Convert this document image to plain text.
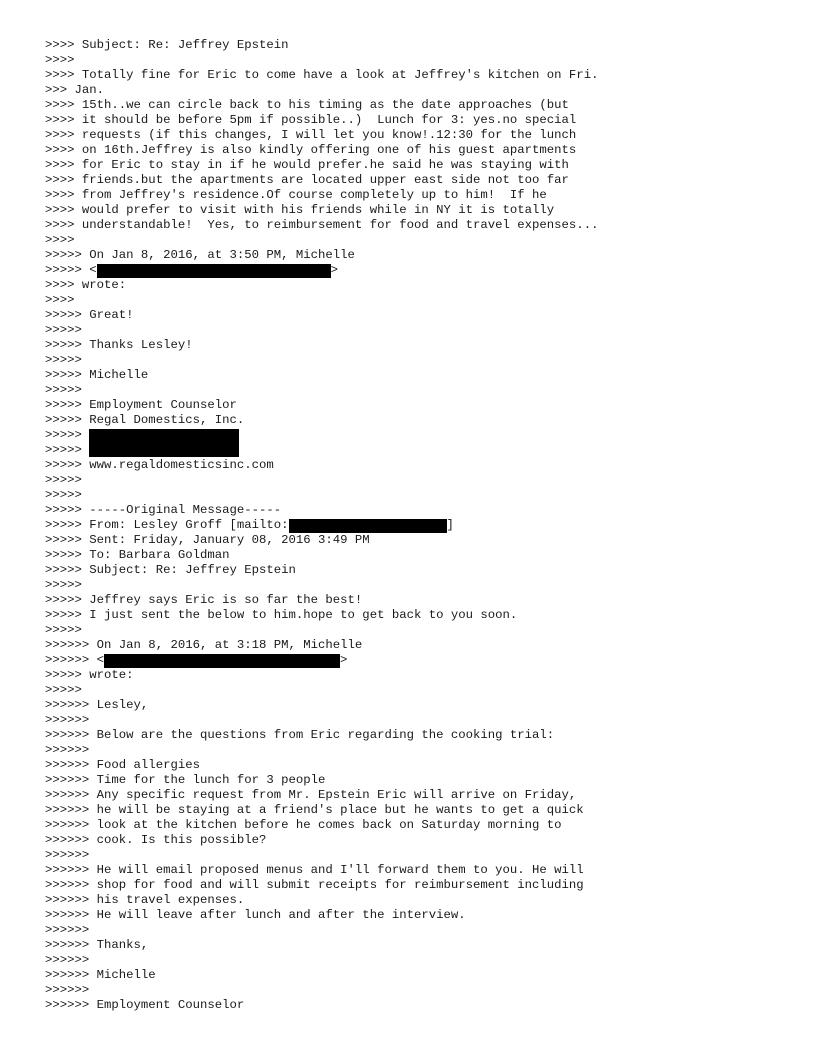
>>>> Subject: Re: Jeffrey Epstein
>>>>
>>>> Totally fine for Eric to come have a look at Jeffrey's kitchen on Fri.
>>> Jan.
>>>> 15th..we can circle back to his timing as the date approaches (but
>>>> it should be before 5pm if possible..)  Lunch for 3: yes.no special
>>>> requests (if this changes, I will let you know!.12:30 for the lunch
>>>> on 16th.Jeffrey is also kindly offering one of his guest apartments
>>>> for Eric to stay in if he would prefer.he said he was staying with
>>>> friends.but the apartments are located upper east side not too far
>>>> from Jeffrey's residence.Of course completely up to him!  If he
>>>> would prefer to visit with his friends while in NY it is totally
>>>> understandable!  Yes, to reimbursement for food and travel expenses...
>>>>
>>>>> On Jan 8, 2016, at 3:50 PM, Michelle
>>>>> <	>
>>>> wrote:
>>>>
>>>>> Great!
>>>>>
>>>>> Thanks Lesley!
>>>>>
>>>>> Michelle
>>>>>
>>>>> Employment Counselor
>>>>> Regal Domestics, Inc.
>>>>>
>>>>>
>>>>> www.regaldomesticsinc.com
>>>>>
>>>>>
>>>>> -----Original Message-----
>>>>> From: Lesley Groff [mailto:	]
>>>>> Sent: Friday, January 08, 2016 3:49 PM
>>>>> To: Barbara Goldman
>>>>> Subject: Re: Jeffrey Epstein
>>>>>
>>>>> Jeffrey says Eric is so far the best!
>>>>> I just sent the below to him.hope to get back to you soon.
>>>>>
>>>>>> On Jan 8, 2016, at 3:18 PM, Michelle
>>>>>> <	>
>>>>> wrote:
>>>>>
>>>>>> Lesley,
>>>>>>
>>>>>> Below are the questions from Eric regarding the cooking trial:
>>>>>>
>>>>>> Food allergies
>>>>>> Time for the lunch for 3 people
>>>>>> Any specific request from Mr. Epstein Eric will arrive on Friday,
>>>>>> he will be staying at a friend's place but he wants to get a quick
>>>>>> look at the kitchen before he comes back on Saturday morning to
>>>>>> cook. Is this possible?
>>>>>>
>>>>>> He will email proposed menus and I'll forward them to you. He will
>>>>>> shop for food and will submit receipts for reimbursement including
>>>>>> his travel expenses.
>>>>>> He will leave after lunch and after the interview.
>>>>>>
>>>>>> Thanks,
>>>>>>
>>>>>> Michelle
>>>>>>
>>>>>> Employment Counselor
